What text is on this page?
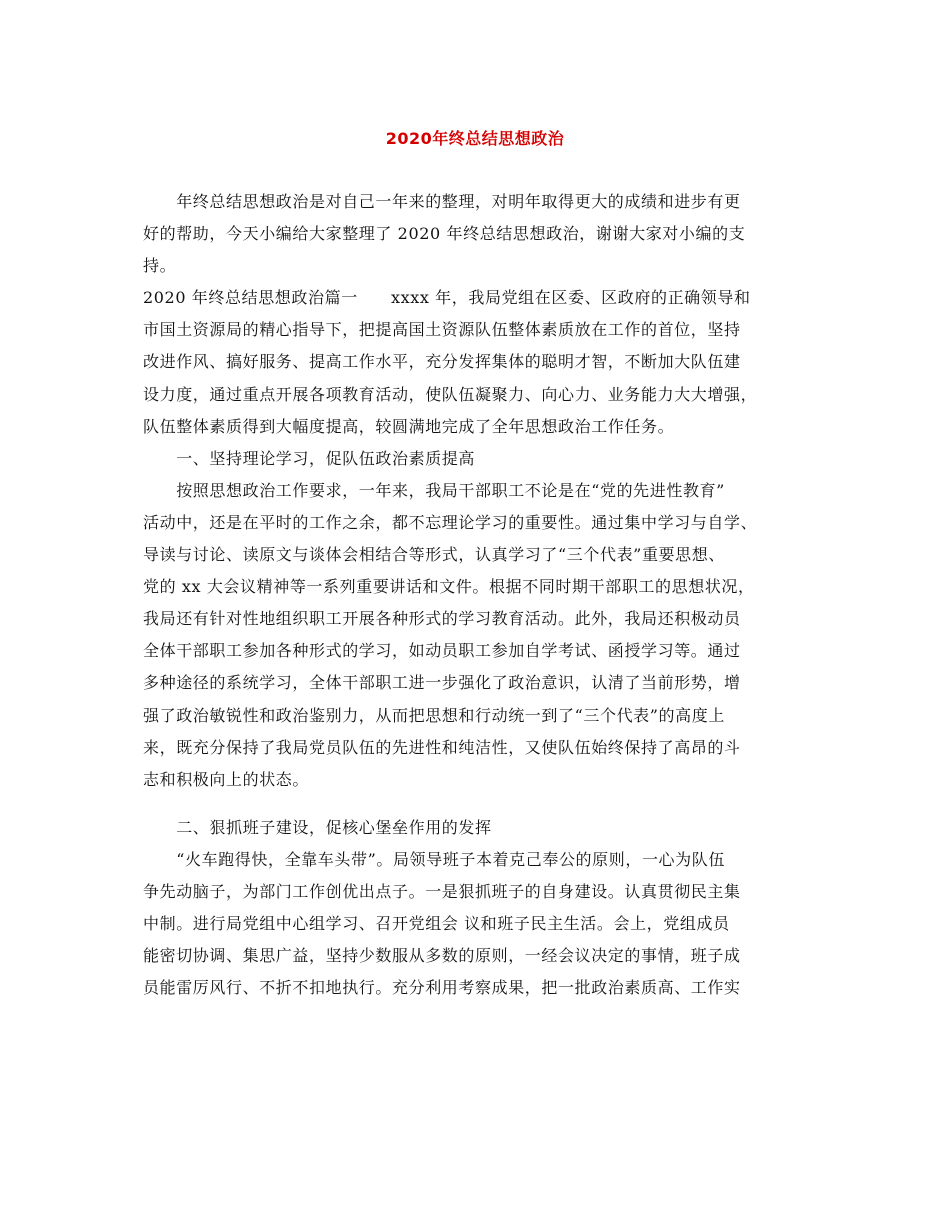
2020年终总结思想政治
　　年终总结思想政治是对自己一年来的整理，对明年取得更大的成绩和进步有更
好的帮助，今天小编给大家整理了 2020 年终总结思想政治，谢谢大家对小编的支
持。
2020 年终总结思想政治篇一　　xxxx 年，我局党组在区委、区政府的正确领导和
市国土资源局的精心指导下，把提高国土资源队伍整体素质放在工作的首位，坚持
改进作风、搞好服务、提高工作水平，充分发挥集体的聪明才智，不断加大队伍建
设力度，通过重点开展各项教育活动，使队伍凝聚力、向心力、业务能力大大增强，
队伍整体素质得到大幅度提高，较圆满地完成了全年思想政治工作任务。
　　一、坚持理论学习，促队伍政治素质提高
　　按照思想政治工作要求，一年来，我局干部职工不论是在“党的先进性教育”
活动中，还是在平时的工作之余，都不忘理论学习的重要性。通过集中学习与自学、
导读与讨论、读原文与谈体会相结合等形式，认真学习了“三个代表”重要思想、
党的 xx 大会议精神等一系列重要讲话和文件。根据不同时期干部职工的思想状况，
我局还有针对性地组织职工开展各种形式的学习教育活动。此外，我局还积极动员
全体干部职工参加各种形式的学习，如动员职工参加自学考试、函授学习等。通过
多种途径的系统学习，全体干部职工进一步强化了政治意识，认清了当前形势，增
强了政治敏锐性和政治鉴别力，从而把思想和行动统一到了“三个代表”的高度上
来，既充分保持了我局党员队伍的先进性和纯洁性，又使队伍始终保持了高昂的斗
志和积极向上的状态。
　　二、狠抓班子建设，促核心堡垒作用的发挥
　　“火车跑得快，全靠车头带”。局领导班子本着克己奉公的原则，一心为队伍
争先动脑子，为部门工作创优出点子。一是狠抓班子的自身建设。认真贯彻民主集
中制。进行局党组中心组学习、召开党组会 议和班子民主生活。会上，党组成员
能密切协调、集思广益，坚持少数服从多数的原则，一经会议决定的事情，班子成
员能雷厉风行、不折不扣地执行。充分利用考察成果，把一批政治素质高、工作实
